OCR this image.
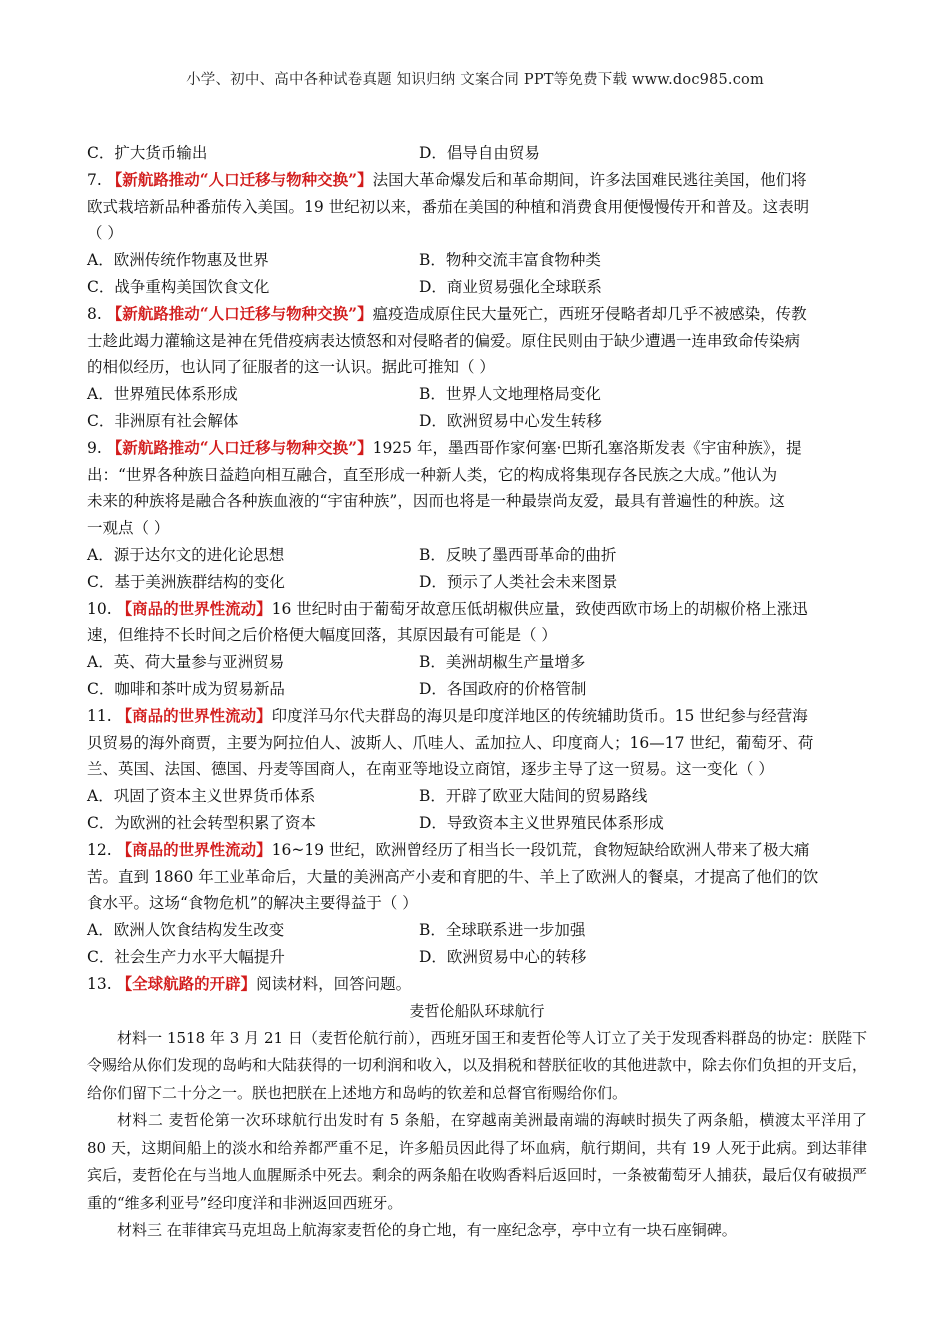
小学、初中、高中各种试卷真题 知识归纳 文案合同 PPT等免费下载 www.doc985.com
C．扩大货币输出	D．倡导自由贸易
7. 【新航路推动“人口迁移与物种交换”】法国大革命爆发后和革命期间，许多法国难民逃往美国，他们将
欧式栽培新品种番茄传入美国。19 世纪初以来，番茄在美国的种植和消费食用便慢慢传开和普及。这表明
（ ）
A．欧洲传统作物惠及世界	B．物种交流丰富食物种类
C．战争重构美国饮食文化	D．商业贸易强化全球联系
8. 【新航路推动“人口迁移与物种交换”】瘟疫造成原住民大量死亡，西班牙侵略者却几乎不被感染，传教
士趁此竭力灌输这是神在凭借疫病表达愤怒和对侵略者的偏爱。原住民则由于缺少遭遇一连串致命传染病
的相似经历，也认同了征服者的这一认识。据此可推知（ ）
A．世界殖民体系形成	B．世界人文地理格局变化
C．非洲原有社会解体	D．欧洲贸易中心发生转移
9. 【新航路推动“人口迁移与物种交换”】1925 年，墨西哥作家何塞·巴斯孔塞洛斯发表《宇宙种族》，提
出：“世界各种族日益趋向相互融合，直至形成一种新人类，它的构成将集现存各民族之大成。”他认为
未来的种族将是融合各种族血液的“宇宙种族”，因而也将是一种最崇尚友爱，最具有普遍性的种族。这
一观点（ ）
A．源于达尔文的进化论思想	B．反映了墨西哥革命的曲折
C．基于美洲族群结构的变化	D．预示了人类社会未来图景
10. 【商品的世界性流动】16 世纪时由于葡萄牙故意压低胡椒供应量，致使西欧市场上的胡椒价格上涨迅
速，但维持不长时间之后价格便大幅度回落，其原因最有可能是（ ）
A．英、荷大量参与亚洲贸易	B．美洲胡椒生产量增多
C．咖啡和茶叶成为贸易新品	D．各国政府的价格管制
11. 【商品的世界性流动】印度洋马尔代夫群岛的海贝是印度洋地区的传统辅助货币。15 世纪参与经营海
贝贸易的海外商贾，主要为阿拉伯人、波斯人、爪哇人、孟加拉人、印度商人；16—17 世纪，葡萄牙、荷
兰、英国、法国、德国、丹麦等国商人，在南亚等地设立商馆，逐步主导了这一贸易。这一变化（ ）
A．巩固了资本主义世界货币体系	B．开辟了欧亚大陆间的贸易路线
C．为欧洲的社会转型积累了资本	D．导致资本主义世界殖民体系形成
12. 【商品的世界性流动】16~19 世纪，欧洲曾经历了相当长一段饥荒，食物短缺给欧洲人带来了极大痛
苦。直到 1860 年工业革命后，大量的美洲高产小麦和育肥的牛、羊上了欧洲人的餐桌，才提高了他们的饮
食水平。这场“食物危机”的解决主要得益于（ ）
A．欧洲人饮食结构发生改变	B．全球联系进一步加强
C．社会生产力水平大幅提升	D．欧洲贸易中心的转移
13. 【全球航路的开辟】阅读材料，回答问题。
麦哲伦船队环球航行
材料一 1518 年 3 月 21 日（麦哲伦航行前），西班牙国王和麦哲伦等人订立了关于发现香料群岛的协定：朕陛下令赐给从你们发现的岛屿和大陆获得的一切利润和收入，以及捐税和替朕征收的其他进款中，除去你们负担的开支后，给你们留下二十分之一。朕也把朕在上述地方和岛屿的钦差和总督官衔赐给你们。
材料二 麦哲伦第一次环球航行出发时有 5 条船，在穿越南美洲最南端的海峡时损失了两条船，横渡太平洋用了 80 天，这期间船上的淡水和给养都严重不足，许多船员因此得了坏血病，航行期间，共有 19 人死于此病。到达菲律宾后，麦哲伦在与当地人血腥厮杀中死去。剩余的两条船在收购香料后返回时，一条被葡萄牙人捕获，最后仅有破损严重的“维多利亚号”经印度洋和非洲返回西班牙。
材料三 在菲律宾马克坦岛上航海家麦哲伦的身亡地，有一座纪念亭，亭中立有一块石座铜碑。
